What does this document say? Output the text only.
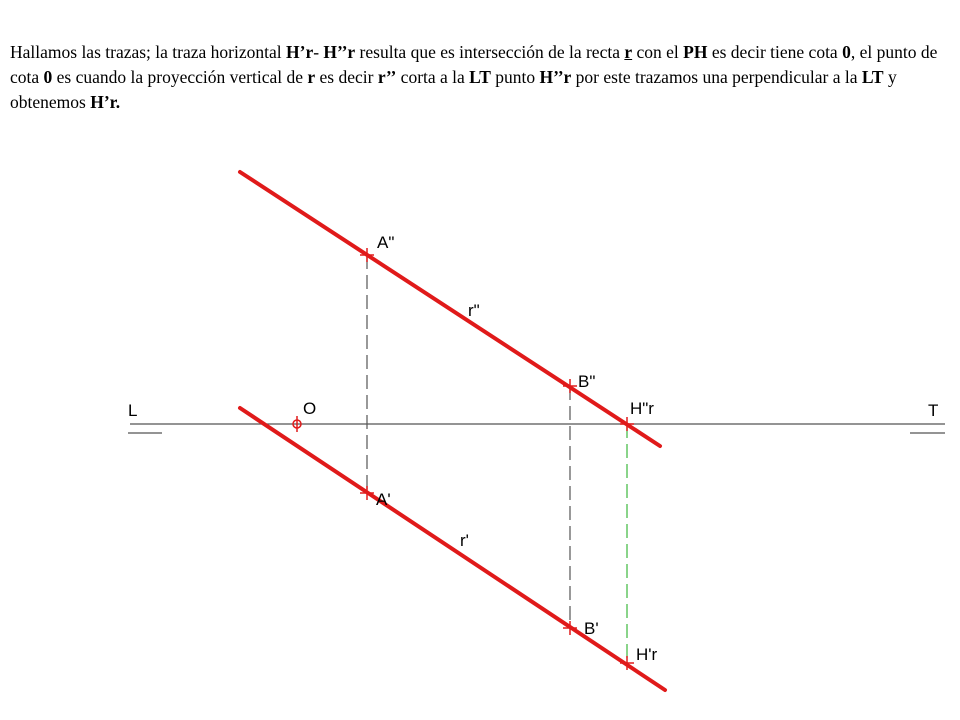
Hallamos las trazas; la traza horizontal H’r- H’’r resulta que es intersección de la recta r con el PH es decir tiene cota 0, el punto de cota 0 es cuando la proyección vertical de r es decir r’’ corta a la LT punto H’’r por este trazamos una perpendicular a la LT y obtenemos H’r.

L	T
O
A"
r"
B"
H"r
A'
r'
B'
H'r
